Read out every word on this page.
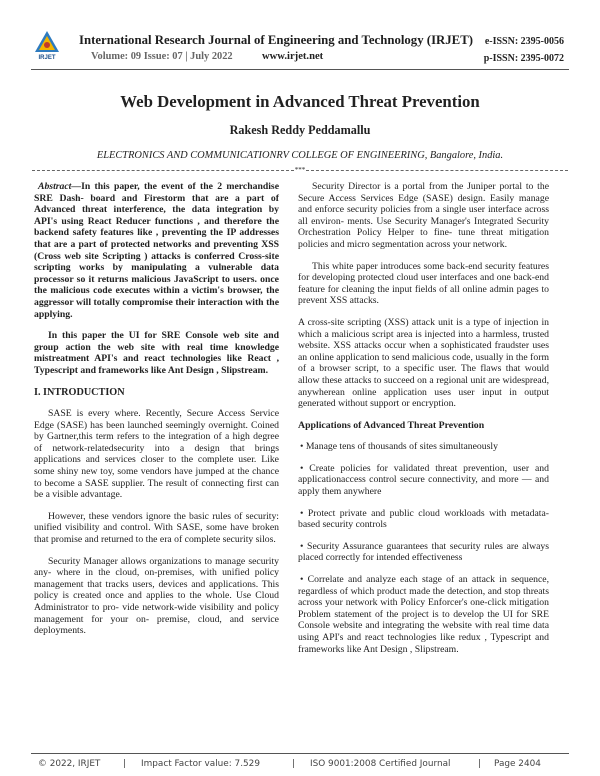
IRJET
International Research Journal of Engineering and Technology (IRJET)
Volume: 09 Issue: 07 | July 2022	www.irjet.net
e-ISSN: 2395-0056
p-ISSN: 2395-0072
Web Development in Advanced Threat Prevention
Rakesh Reddy Peddamallu
ELECTRONICS AND COMMUNICATIONRV COLLEGE OF ENGINEERING, Bangalore, India.
***

Abstract—In this paper, the event of the 2 merchandise SRE Dash- board and Firestorm that are a part of Advanced threat interference, the data integration by API's using React Reducer functions , and therefore the backend safety features like , preventing the IP addresses that are a part of protected networks and preventing XSS (Cross web site Scripting ) attacks is conferred Cross-site scripting works by manipulating a vulnerable data processor so it returns malicious JavaScript to users. once the malicious code executes within a victim's browser, the aggressor will totally compromise their interaction with the applying.

In this paper the UI for SRE Console web site and group action the web site with real time knowledge mistreatment API's and react technologies like React , Typescript and frameworks like Ant Design , Slipstream.

I. INTRODUCTION

SASE is every where. Recently, Secure Access Service Edge (SASE) has been launched seemingly overnight. Coined by Gartner,this term refers to the integration of a high degree of network-relatedsecurity into a design that brings applications and services closer to the complete user. Like some shiny new toy, some vendors have jumped at the chance to become a SASE supplier. The result of connecting first can be a visible advantage.

However, these vendors ignore the basic rules of security: unified visibility and control. With SASE, some have broken that promise and returned to the era of complete security silos.

Security Manager allows organizations to manage security any- where in the cloud, on-premises, with unified policy management that tracks users, devices and applications. This policy is created once and applies to the whole. Use Cloud Administrator to pro- vide network-wide visibility and policy management for your on- premise, cloud, and service deployments.

Security Director is a portal from the Juniper portal to the Secure Access Services Edge (SASE) design. Easily manage and enforce security policies from a single user interface across all environ- ments. Use Security Manager's Integrated Security Orchestration Policy Helper to fine- tune threat mitigation policies and micro segmentation across your network.

This white paper introduces some back-end security features for developing protected cloud user interfaces and one back-end feature for cleaning the input fields of all online admin pages to prevent XSS attacks.

A cross-site scripting (XSS) attack unit is a type of injection in which a malicious script area is injected into a harmless, trusted website. XSS attacks occur when a sophisticated fraudster uses an online application to send malicious code, usually in the form of a browser script, to a specific user. The flaws that would allow these attacks to succeed on a regional unit are widespread, anywherean online application uses user input in output generated without support or encryption.

Applications of Advanced Threat Prevention

• Manage tens of thousands of sites simultaneously

• Create policies for validated threat prevention, user and applicationaccess control secure connectivity, and more — and apply them anywhere

• Protect private and public cloud workloads with metadata-based security controls

• Security Assurance guarantees that security rules are always placed correctly for intended effectiveness

• Correlate and analyze each stage of an attack in sequence, regardless of which product made the detection, and stop threats across your network with Policy Enforcer's one-click mitigation Problem statement of the project is to develop the UI for SRE Console website and integrating the website with real time data using API's and react technologies like redux , Typescript and frameworks like Ant Design , Slipstream.

© 2022, IRJET	| Impact Factor value: 7.529	| ISO 9001:2008 Certified Journal	| Page 2404
